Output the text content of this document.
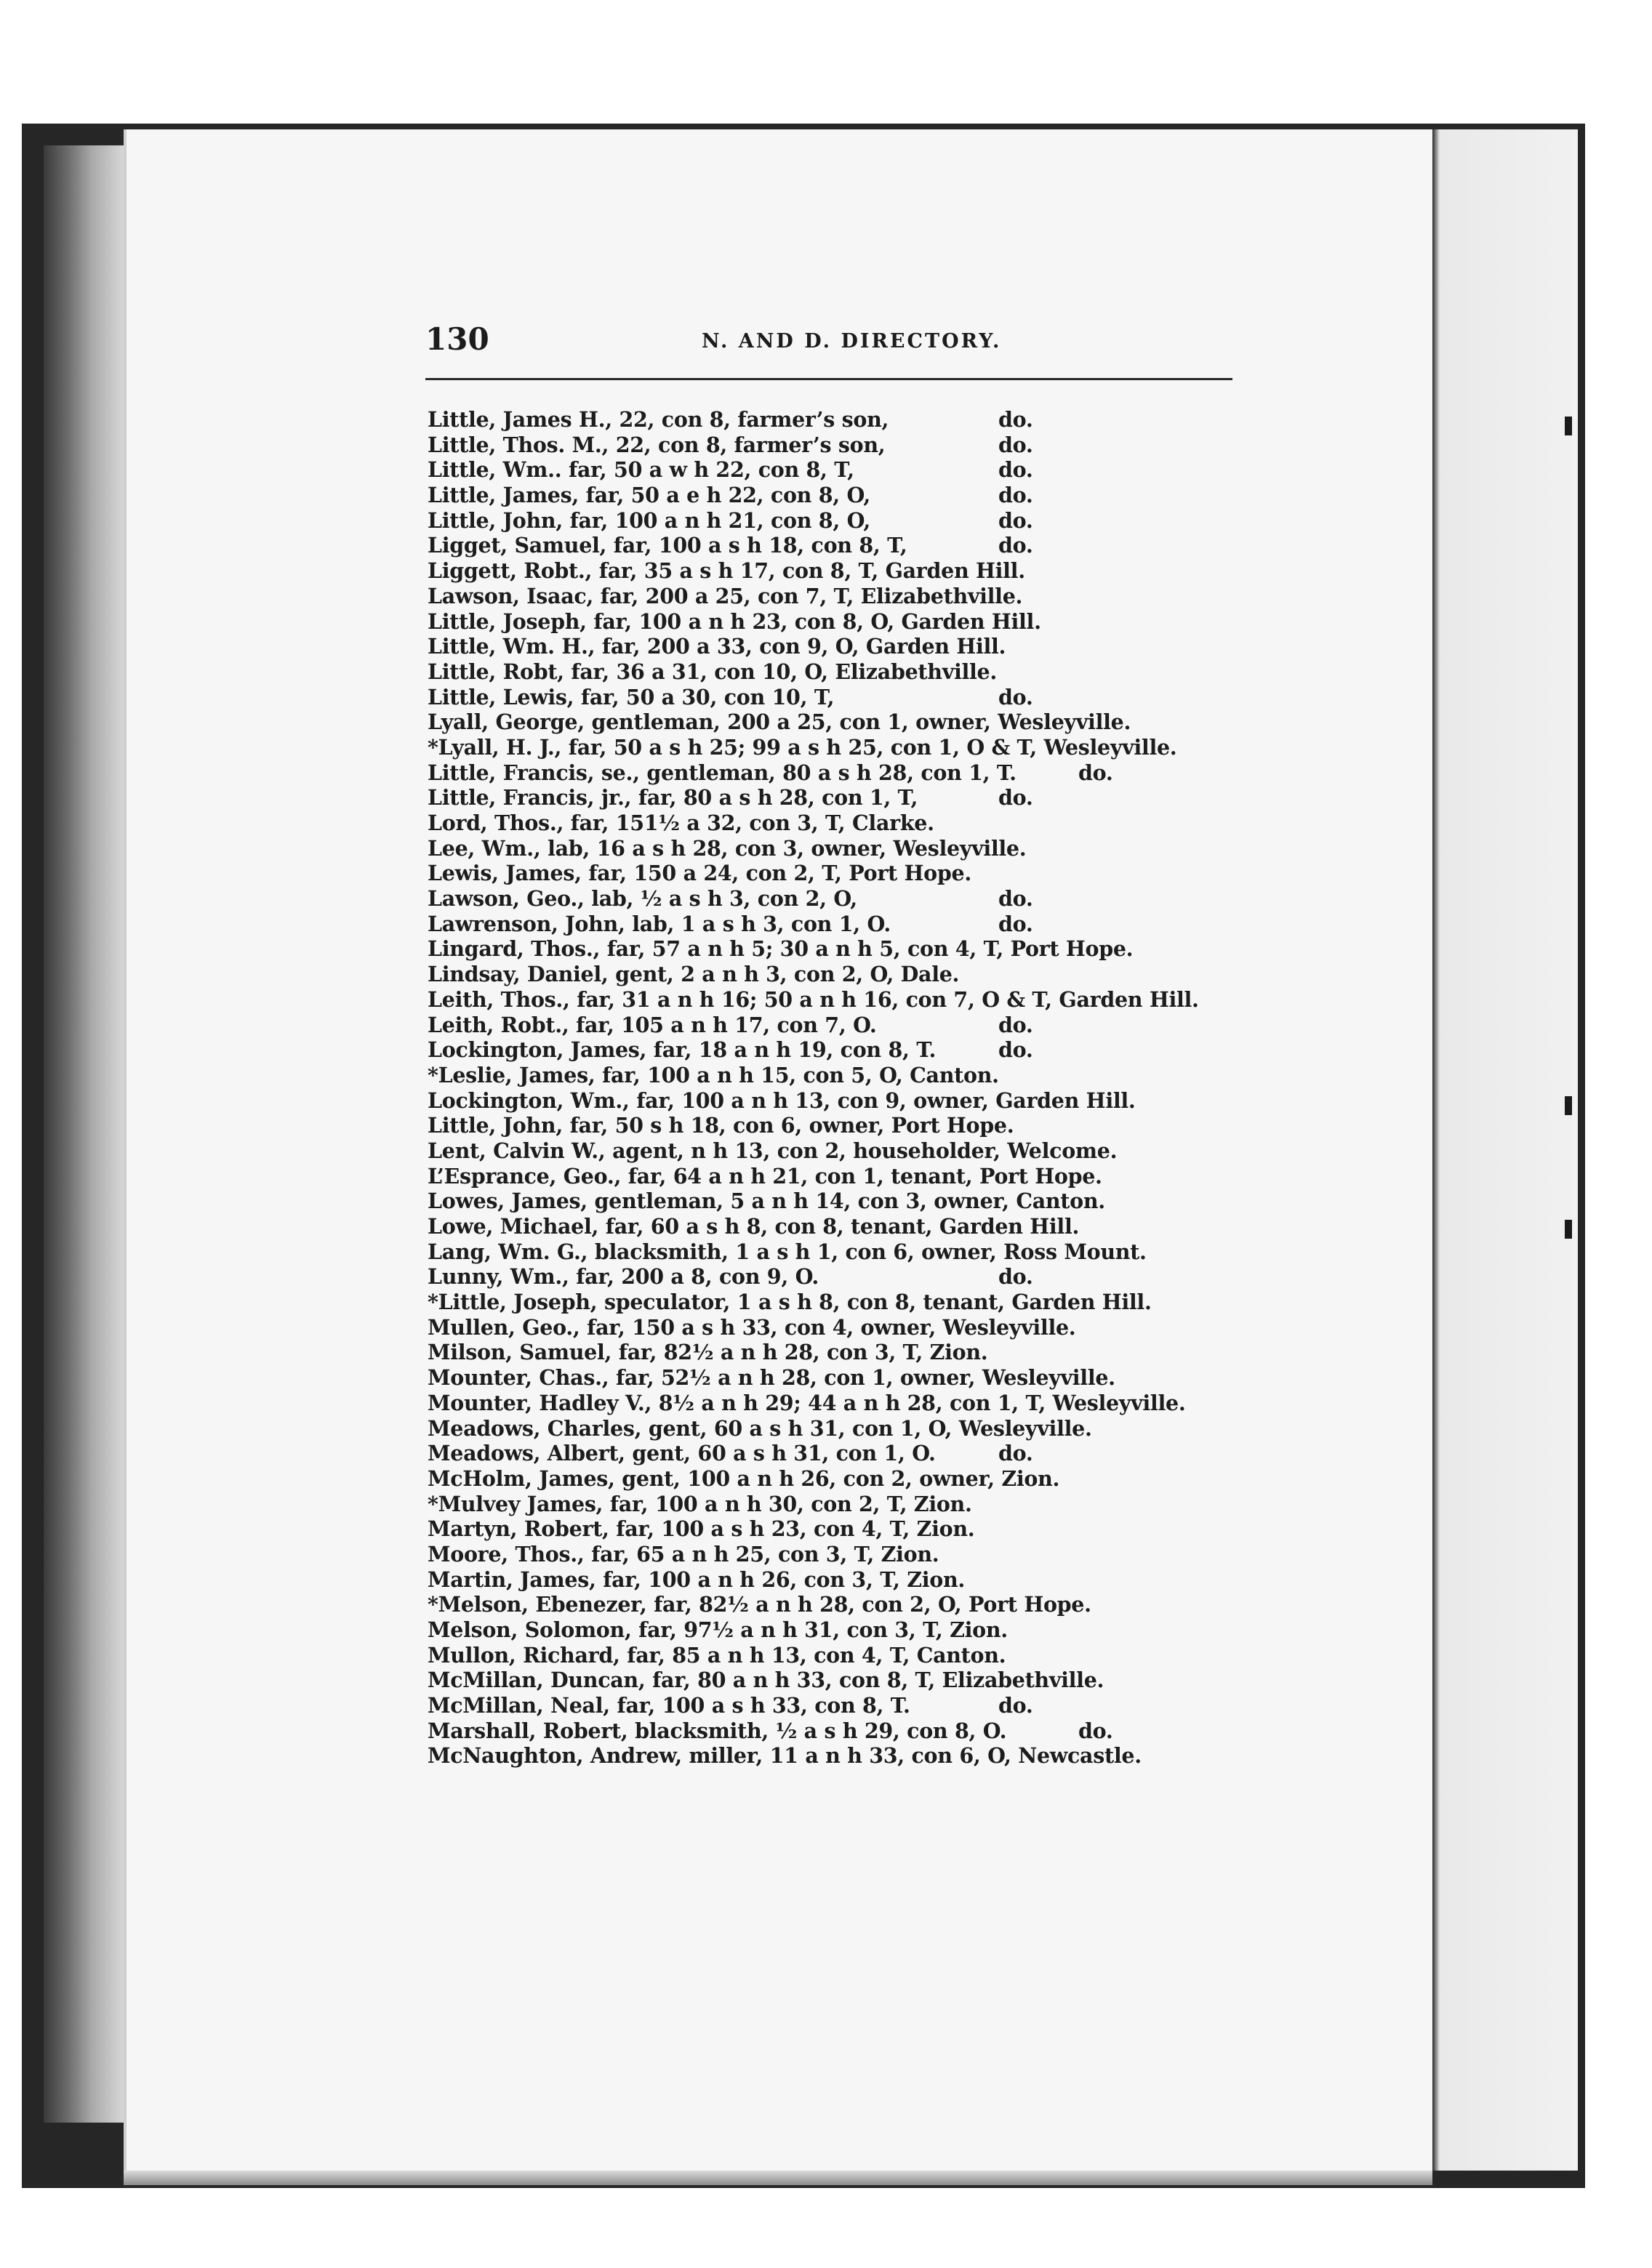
130	N. AND D. DIRECTORY.
Little, James H., 22, con 8, farmer’s son,	do.
Little, Thos. M., 22, con 8, farmer’s son,	do.
Little, Wm.. far, 50 a w h 22, con 8, T,	do.
Little, James, far, 50 a e h 22, con 8, O,	do.
Little, John, far, 100 a n h 21, con 8, O,	do.
Ligget, Samuel, far, 100 a s h 18, con 8, T,	do.
Liggett, Robt., far, 35 a s h 17, con 8, T, Garden Hill.
Lawson, Isaac, far, 200 a 25, con 7, T, Elizabethville.
Little, Joseph, far, 100 a n h 23, con 8, O, Garden Hill.
Little, Wm. H., far, 200 a 33, con 9, O, Garden Hill.
Little, Robt, far, 36 a 31, con 10, O, Elizabethville.
Little, Lewis, far, 50 a 30, con 10, T,	do.
Lyall, George, gentleman, 200 a 25, con 1, owner, Wesleyville.
*Lyall, H. J., far, 50 a s h 25; 99 a s h 25, con 1, O & T, Wesleyville.
Little, Francis, se., gentleman, 80 a s h 28, con 1, T.	do.
Little, Francis, jr., far, 80 a s h 28, con 1, T,	do.
Lord, Thos., far, 151½ a 32, con 3, T, Clarke.
Lee, Wm., lab, 16 a s h 28, con 3, owner, Wesleyville.
Lewis, James, far, 150 a 24, con 2, T, Port Hope.
Lawson, Geo., lab, ½ a s h 3, con 2, O,	do.
Lawrenson, John, lab, 1 a s h 3, con 1, O.	do.
Lingard, Thos., far, 57 a n h 5; 30 a n h 5, con 4, T, Port Hope.
Lindsay, Daniel, gent, 2 a n h 3, con 2, O, Dale.
Leith, Thos., far, 31 a n h 16; 50 a n h 16, con 7, O & T, Garden Hill.
Leith, Robt., far, 105 a n h 17, con 7, O.	do.
Lockington, James, far, 18 a n h 19, con 8, T.	do.
*Leslie, James, far, 100 a n h 15, con 5, O, Canton.
Lockington, Wm., far, 100 a n h 13, con 9, owner, Garden Hill.
Little, John, far, 50 s h 18, con 6, owner, Port Hope.
Lent, Calvin W., agent, n h 13, con 2, householder, Welcome.
L’Esprance, Geo., far, 64 a n h 21, con 1, tenant, Port Hope.
Lowes, James, gentleman, 5 a n h 14, con 3, owner, Canton.
Lowe, Michael, far, 60 a s h 8, con 8, tenant, Garden Hill.
Lang, Wm. G., blacksmith, 1 a s h 1, con 6, owner, Ross Mount.
Lunny, Wm., far, 200 a 8, con 9, O.	do.
*Little, Joseph, speculator, 1 a s h 8, con 8, tenant, Garden Hill.
Mullen, Geo., far, 150 a s h 33, con 4, owner, Wesleyville.
Milson, Samuel, far, 82½ a n h 28, con 3, T, Zion.
Mounter, Chas., far, 52½ a n h 28, con 1, owner, Wesleyville.
Mounter, Hadley V., 8½ a n h 29; 44 a n h 28, con 1, T, Wesleyville.
Meadows, Charles, gent, 60 a s h 31, con 1, O, Wesleyville.
Meadows, Albert, gent, 60 a s h 31, con 1, O.	do.
McHolm, James, gent, 100 a n h 26, con 2, owner, Zion.
*Mulvey James, far, 100 a n h 30, con 2, T, Zion.
Martyn, Robert, far, 100 a s h 23, con 4, T, Zion.
Moore, Thos., far, 65 a n h 25, con 3, T, Zion.
Martin, James, far, 100 a n h 26, con 3, T, Zion.
*Melson, Ebenezer, far, 82½ a n h 28, con 2, O, Port Hope.
Melson, Solomon, far, 97½ a n h 31, con 3, T, Zion.
Mullon, Richard, far, 85 a n h 13, con 4, T, Canton.
McMillan, Duncan, far, 80 a n h 33, con 8, T, Elizabethville.
McMillan, Neal, far, 100 a s h 33, con 8, T.	do.
Marshall, Robert, blacksmith, ½ a s h 29, con 8, O.	do.
McNaughton, Andrew, miller, 11 a n h 33, con 6, O, Newcastle.
